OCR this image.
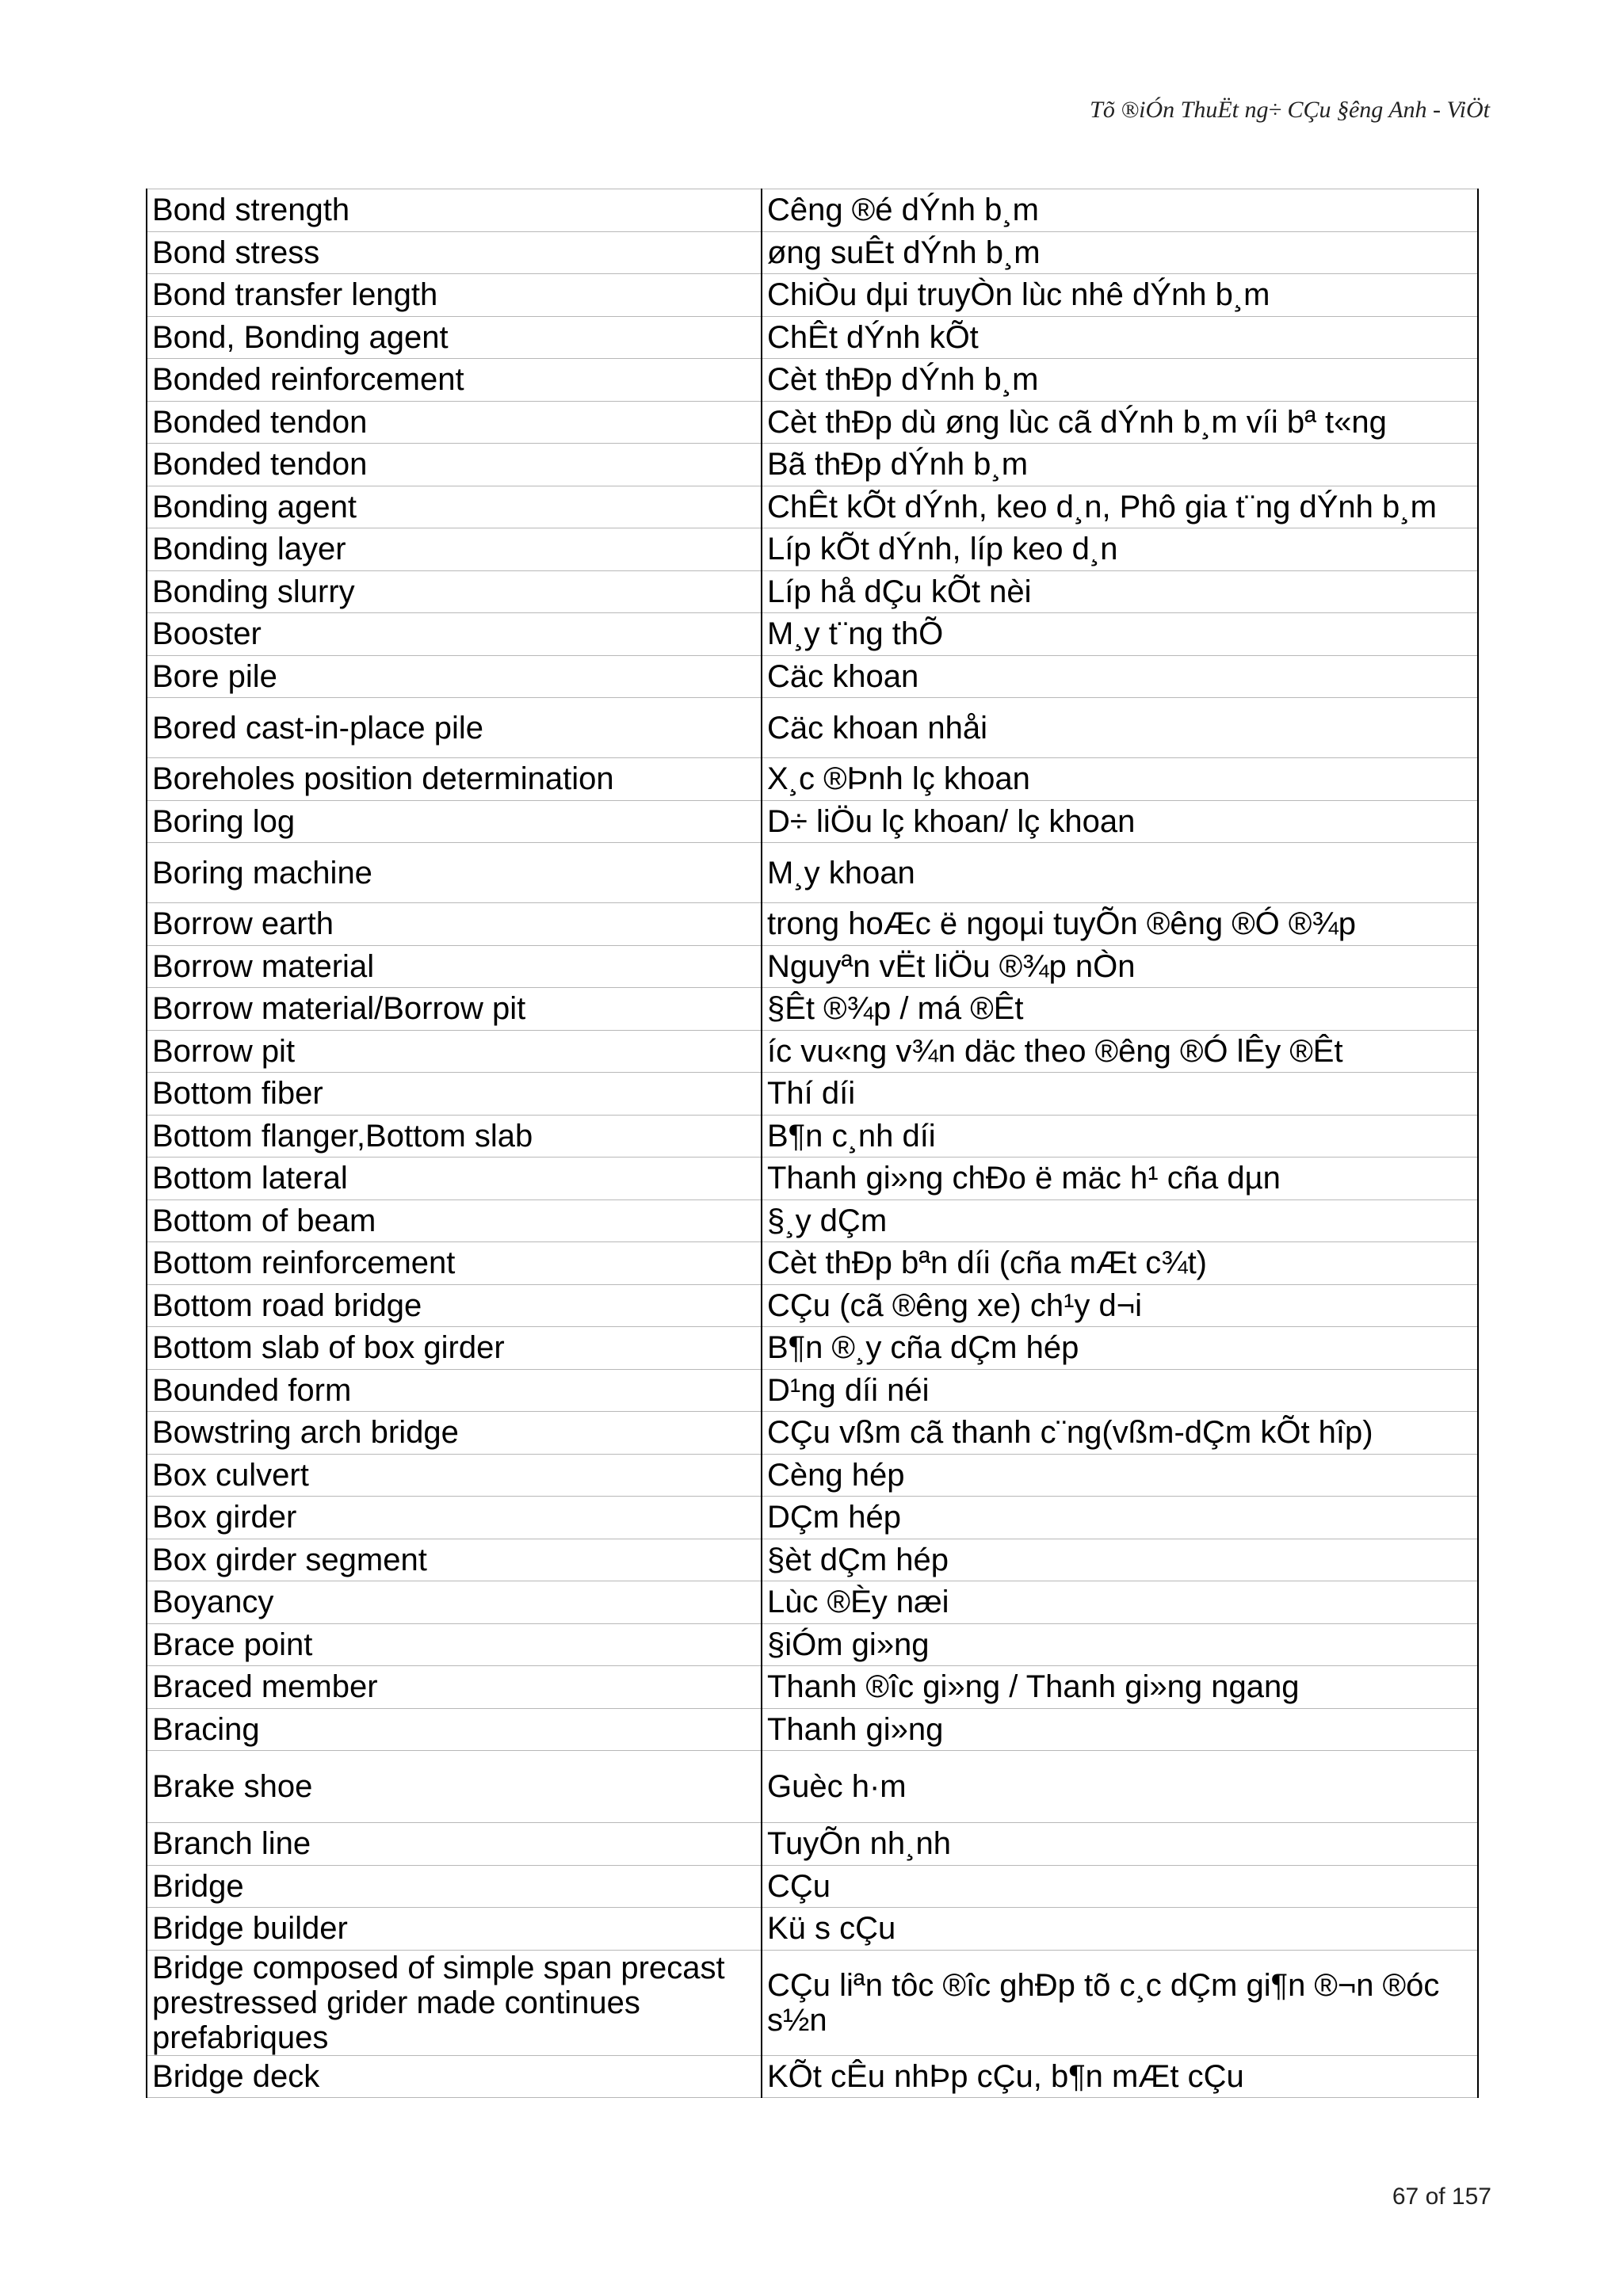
Tõ ®iÓn ThuËt ng÷ CÇu §êng Anh - ViÖt
Bond strength	Cêng ®é dÝnh b¸m
Bond stress	øng suÊt dÝnh b¸m
Bond transfer length	ChiÒu dµi truyÒn lùc nhê dÝnh b¸m
Bond, Bonding agent	ChÊt dÝnh kÕt
Bonded reinforcement	Cèt thÐp dÝnh b¸m
Bonded tendon	Cèt thÐp dù øng lùc cã dÝnh b¸m víi bª t«ng
Bonded tendon	Bã thÐp dÝnh b¸m
Bonding agent	ChÊt kÕt dÝnh, keo d¸n, Phô gia t¨ng dÝnh b¸m
Bonding layer	Líp kÕt dÝnh, líp keo d¸n
Bonding slurry	Líp hå dÇu kÕt nèi
Booster	M¸y t¨ng thÕ
Bore pile	Cäc khoan
Bored cast-in-place pile	Cäc khoan nhåi
Boreholes position determination	X¸c ®Þnh lç khoan
Boring log	D÷ liÖu lç khoan/ lç khoan
Boring machine	M¸y khoan
Borrow earth	trong hoÆc ë ngoµi tuyÕn ®êng ®Ó ®¾p
Borrow material	Nguyªn vËt liÖu ®¾p nÒn
Borrow material/Borrow pit	§Êt ®¾p / má ®Êt
Borrow pit	íc vu«ng v¾n däc theo ®êng ®Ó lÊy ®Êt
Bottom fiber	Thí díi
Bottom flanger,Bottom slab	B¶n c¸nh díi
Bottom lateral	Thanh gi»ng chÐo ë mäc h¹ cña dµn
Bottom of beam	§¸y dÇm
Bottom reinforcement	Cèt thÐp bªn díi (cña mÆt c¾t)
Bottom road bridge	CÇu (cã ®êng xe) ch¹y d¬i
Bottom slab of box girder	B¶n ®¸y cña dÇm hép
Bounded form	D¹ng díi néi
Bowstring arch bridge	CÇu vßm cã thanh c¨ng(vßm-dÇm kÕt hîp)
Box culvert	Cèng hép
Box girder	DÇm hép
Box girder segment	§èt dÇm hép
Boyancy	Lùc ®Èy næi
Brace point	§iÓm gi»ng
Braced member	Thanh ®îc gi»ng / Thanh gi»ng ngang
Bracing	Thanh gi»ng
Brake shoe	Guèc h·m
Branch line	TuyÕn nh¸nh
Bridge	CÇu
Bridge builder	Kü s cÇu
Bridge composed of simple span precast prestressed grider made continues prefabriques	CÇu liªn tôc ®îc ghÐp tõ c¸c dÇm gi¶n ®¬n ®óc s½n
Bridge deck	KÕt cÊu nhÞp cÇu, b¶n mÆt cÇu
67 of 157
